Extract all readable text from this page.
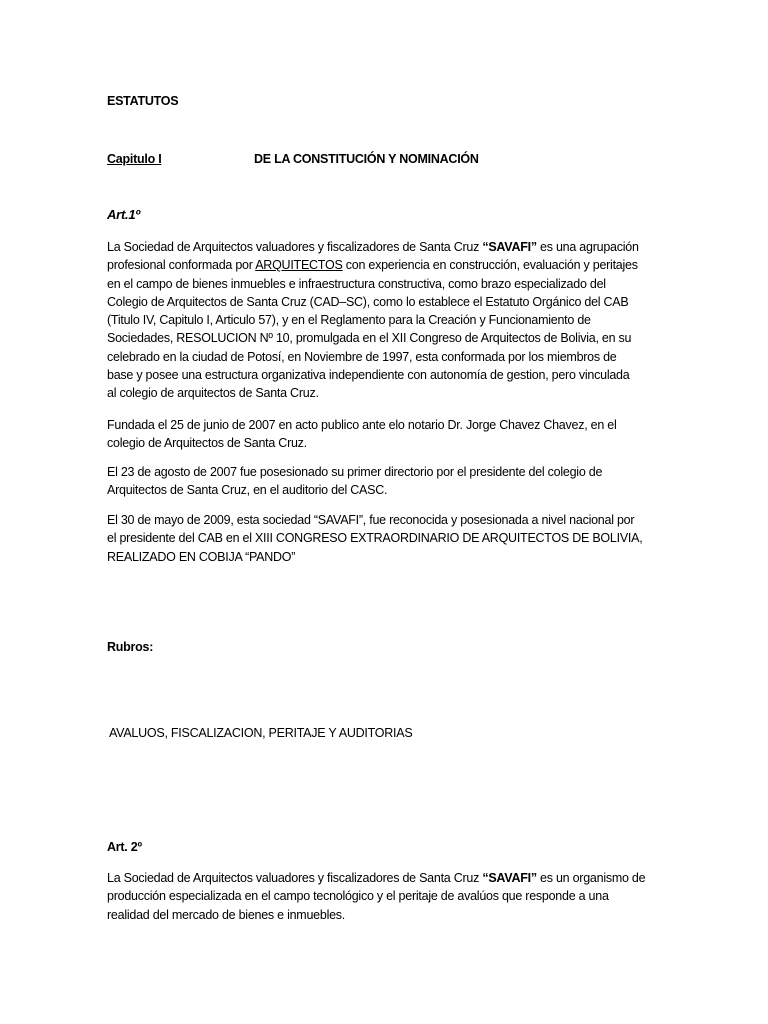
ESTATUTOS

Capitulo I	DE LA CONSTITUCIÓN Y NOMINACIÓN

Art.1º

La Sociedad de Arquitectos valuadores y fiscalizadores de Santa Cruz “SAVAFI” es una agrupación
profesional conformada por ARQUITECTOS con experiencia en construcción, evaluación y peritajes
en el campo de bienes inmuebles e infraestructura constructiva, como brazo especializado del
Colegio de Arquitectos de Santa Cruz (CAD–SC), como lo establece el Estatuto Orgánico del CAB
(Titulo IV, Capitulo I, Articulo 57), y en el Reglamento para la Creación y Funcionamiento de
Sociedades, RESOLUCION Nº 10, promulgada en el XII Congreso de Arquitectos de Bolivia, en su
celebrado en la ciudad de Potosí, en Noviembre de 1997, esta conformada por los miembros de
base y posee una estructura organizativa independiente con autonomía de gestion, pero vinculada
al colegio de arquitectos de Santa Cruz.

Fundada el 25 de junio de 2007 en acto publico ante elo notario Dr. Jorge Chavez Chavez, en el
colegio de Arquitectos de Santa Cruz.

El 23 de agosto de 2007 fue posesionado su primer directorio por el presidente del colegio de
Arquitectos de Santa Cruz, en el auditorio del CASC.

El 30 de mayo de 2009, esta sociedad “SAVAFI”, fue reconocida y posesionada a nivel nacional por
el presidente del CAB en el XIII CONGRESO EXTRAORDINARIO DE ARQUITECTOS DE BOLIVIA,
REALIZADO EN COBIJA “PANDO”

Rubros:

AVALUOS, FISCALIZACION, PERITAJE Y AUDITORIAS

Art. 2º

La Sociedad de Arquitectos valuadores y fiscalizadores de Santa Cruz “SAVAFI” es un organismo de
producción especializada en el campo tecnológico y el peritaje de avalúos que responde a una
realidad del mercado de bienes e inmuebles.
